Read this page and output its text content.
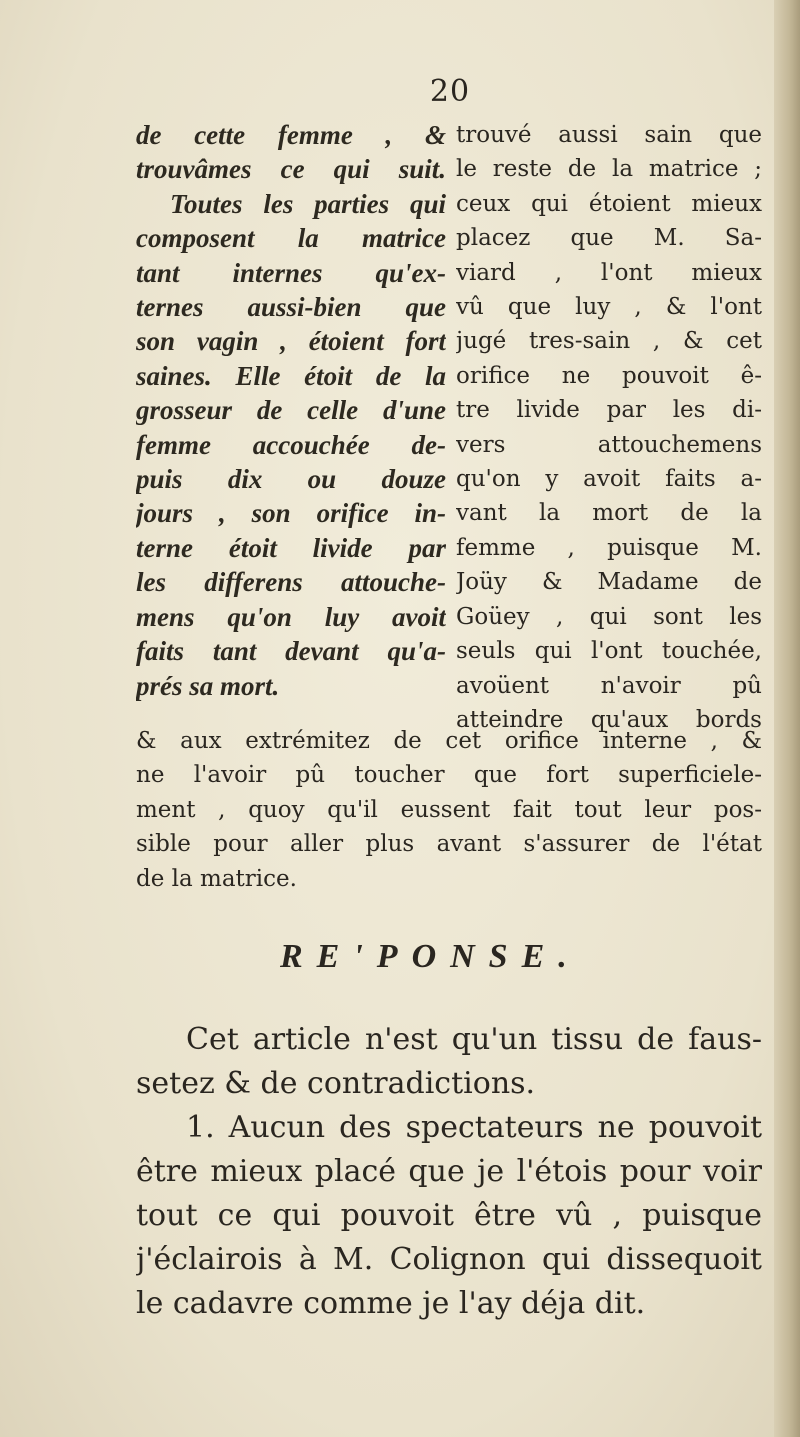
20
de cette femme , &
trouvâmes ce qui suit.
Toutes les parties qui
composent la matrice
tant internes qu'ex-
ternes aussi-bien que
son vagin , étoient fort
saines. Elle étoit de la
grosseur de celle d'une
femme accouchée de-
puis dix ou douze
jours , son orifice in-
terne étoit livide par
les differens attouche-
mens qu'on luy avoit
faits tant devant qu'a-
prés sa mort.
trouvé aussi sain que
le reste de la matrice ;
ceux qui étoient mieux
placez que M. Sa-
viard , l'ont mieux
vû que luy , & l'ont
jugé tres-sain , & cet
orifice ne pouvoit ê-
tre livide par les di-
vers attouchemens
qu'on y avoit faits a-
vant la mort de la
femme , puisque M.
Joüy & Madame de
Goüey , qui sont les
seuls qui l'ont touchée,
avoüent n'avoir pû
atteindre qu'aux bords
& aux extrémitez de cet orifice interne , &
ne l'avoir pû toucher que fort superficiele-
ment , quoy qu'il eussent fait tout leur pos-
sible pour aller plus avant s'assurer de l'état
de la matrice.
RE'PONSE.
Cet article n'est qu'un tissu de faus-
setez & de contradictions.
1. Aucun des spectateurs ne pouvoit
être mieux placé que je l'étois pour voir
tout ce qui pouvoit être vû , puisque
j'éclairois à M. Colignon qui dissequoit
le cadavre comme je l'ay déja dit.
